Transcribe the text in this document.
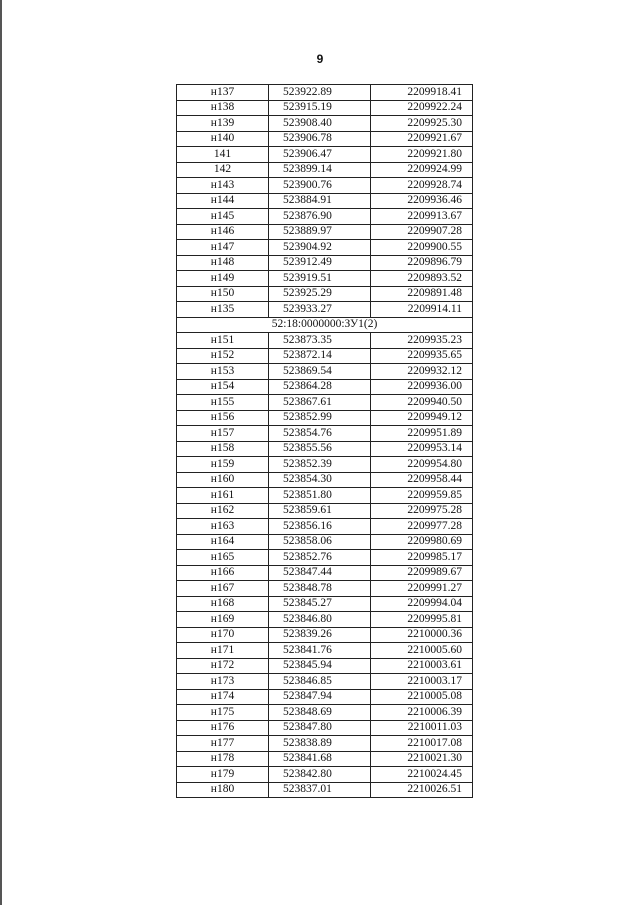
9
н137	523922.89	2209918.41
н138	523915.19	2209922.24
н139	523908.40	2209925.30
н140	523906.78	2209921.67
141	523906.47	2209921.80
142	523899.14	2209924.99
н143	523900.76	2209928.74
н144	523884.91	2209936.46
н145	523876.90	2209913.67
н146	523889.97	2209907.28
н147	523904.92	2209900.55
н148	523912.49	2209896.79
н149	523919.51	2209893.52
н150	523925.29	2209891.48
н135	523933.27	2209914.11
52:18:0000000:ЗУ1(2)		
н151	523873.35	2209935.23
н152	523872.14	2209935.65
н153	523869.54	2209932.12
н154	523864.28	2209936.00
н155	523867.61	2209940.50
н156	523852.99	2209949.12
н157	523854.76	2209951.89
н158	523855.56	2209953.14
н159	523852.39	2209954.80
н160	523854.30	2209958.44
н161	523851.80	2209959.85
н162	523859.61	2209975.28
н163	523856.16	2209977.28
н164	523858.06	2209980.69
н165	523852.76	2209985.17
н166	523847.44	2209989.67
н167	523848.78	2209991.27
н168	523845.27	2209994.04
н169	523846.80	2209995.81
н170	523839.26	2210000.36
н171	523841.76	2210005.60
н172	523845.94	2210003.61
н173	523846.85	2210003.17
н174	523847.94	2210005.08
н175	523848.69	2210006.39
н176	523847.80	2210011.03
н177	523838.89	2210017.08
н178	523841.68	2210021.30
н179	523842.80	2210024.45
н180	523837.01	2210026.51
